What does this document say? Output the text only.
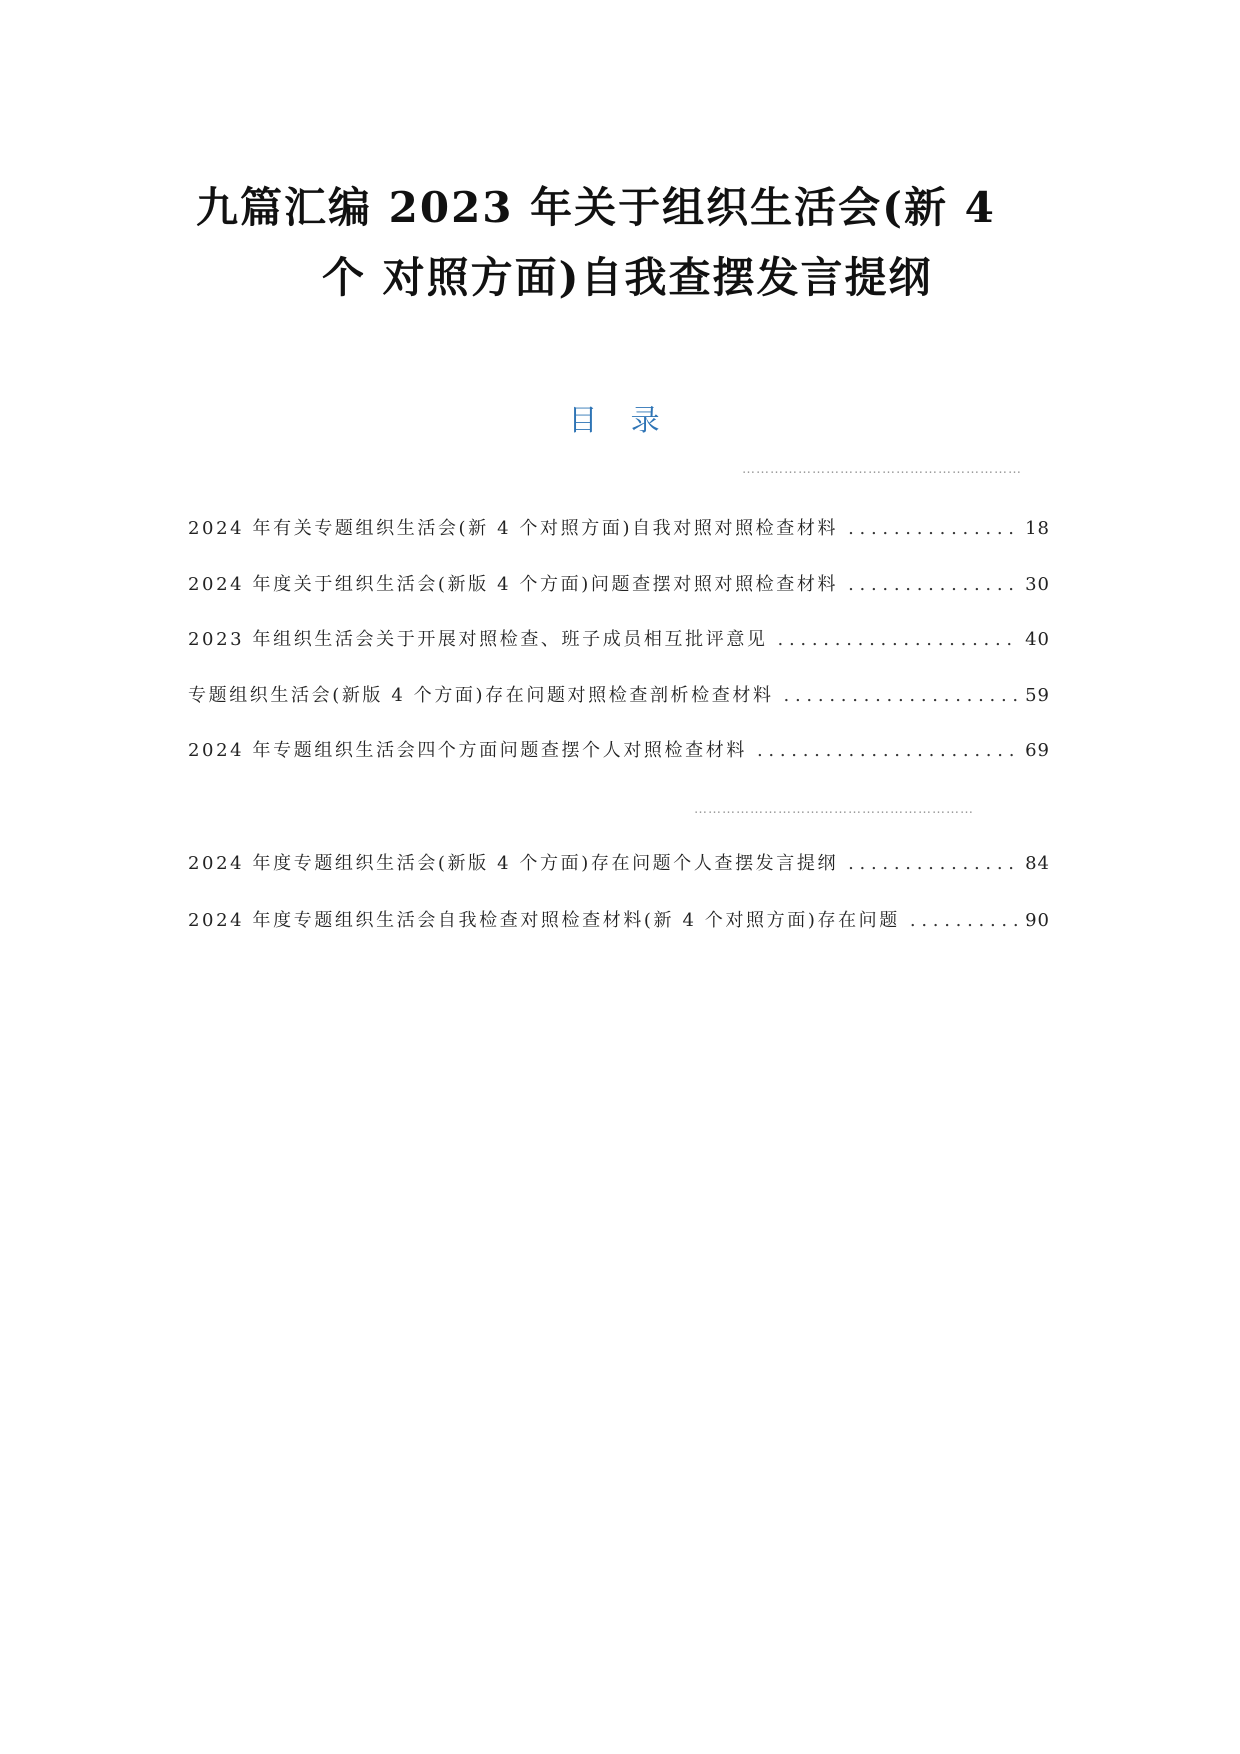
九篇汇编 2023 年关于组织生活会(新 4
个 对照方面)自我查摆发言提纲
目 录
……………………………………………………
2024 年有关专题组织生活会(新 4 个对照方面)自我对照对照检查材料 . . .	18
2024 年度关于组织生活会(新版 4 个方面)问题查摆对照对照检查材料 . . .	30
2023 年组织生活会关于开展对照检查、班子成员相互批评意见 . . .	40
专题组织生活会(新版 4 个方面)存在问题对照检查剖析检查材料 . . .	59
2024 年专题组织生活会四个方面问题查摆个人对照检查材料 . . .	69
……………………………………………………
2024 年度专题组织生活会(新版 4 个方面)存在问题个人查摆发言提纲 . . .	84
2024 年度专题组织生活会自我检查对照检查材料(新 4 个对照方面)存在问题 . . .	90
